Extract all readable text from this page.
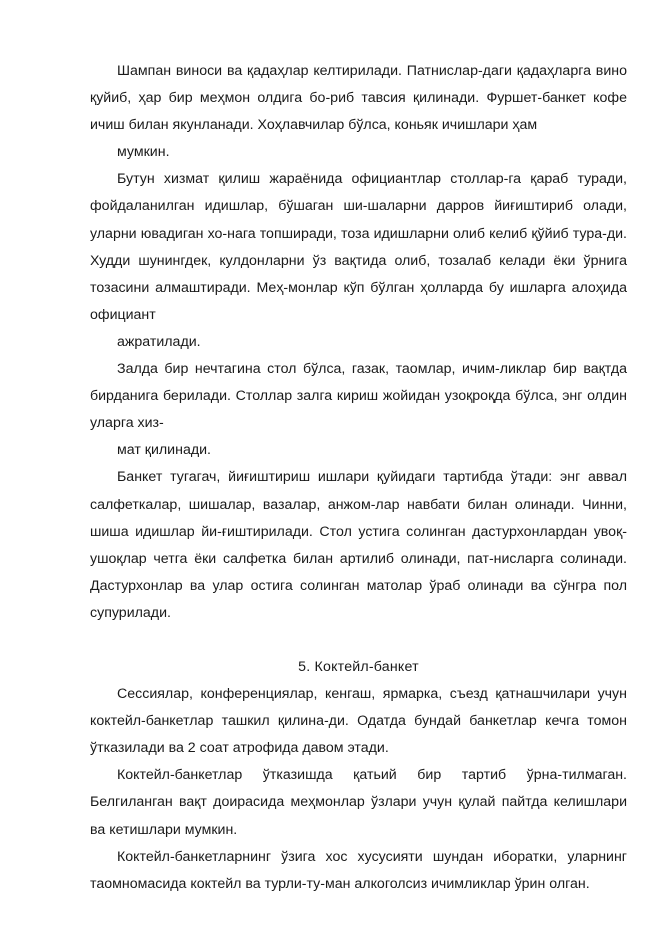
Шампан виноси ва қадаҳлар келтирилади. Патнислар-даги қадаҳларга вино қуйиб, ҳар бир меҳмон олдига бо-риб тавсия қилинади. Фуршет-банкет кофе ичиш билан якунланади. Хоҳлавчилар бўлса, коньяк ичишлари ҳам

мумкин.

Бутун хизмат қилиш жараёнида официантлар столлар-га қараб туради, фойдаланилган идишлар, бўшаган ши-шаларни дарров йиғиштириб олади, уларни ювадиган хо-нага топширади, тоза идишларни олиб келиб қўйиб тура-ди. Худди шунингдек, кулдонларни ўз вақтида олиб, тозалаб келади ёки ўрнига тозасини алмаштиради. Меҳ-монлар кўп бўлган ҳолларда бу ишларга алоҳида официант

ажратилади.

Залда бир нечтагина стол бўлса, газак, таомлар, ичим-ликлар бир вақтда бирданига берилади. Столлар залга кириш жойидан узоқроқда бўлса, энг олдин уларга хиз-

мат қилинади.

Банкет тугагач, йиғиштириш ишлари қуйидаги тартибда ўтади: энг аввал салфеткалар, шишалар, вазалар, анжом-лар навбати билан олинади. Чинни, шиша идишлар йи-ғиштирилади. Стол устига солинган дастурхонлардан увоқ-ушоқлар четга ёки салфетка билан артилиб олинади, пат-нисларга солинади. Дастурхонлар ва улар остига солинган матолар ўраб олинади ва сўнгра пол супурилади.

5. Коктейл-банкет

Сессиялар, конференциялар, кенгаш, ярмарка, съезд қатнашчилари учун коктейл-банкетлар ташкил қилина-ди. Одатда бундай банкетлар кечга томон ўтказилади ва 2 соат атрофида давом этади.

Коктейл-банкетлар ўтказишда қатьий бир тартиб ўрна-тилмаган. Белгиланган вақт доирасида меҳмонлар ўзлари учун қулай пайтда келишлари ва кетишлари мумкин.

Коктейл-банкетларнинг ўзига хос хусусияти шундан иборатки, уларнинг таомномасида коктейл ва турли-ту-ман алкоголсиз ичимликлар ўрин олган.
